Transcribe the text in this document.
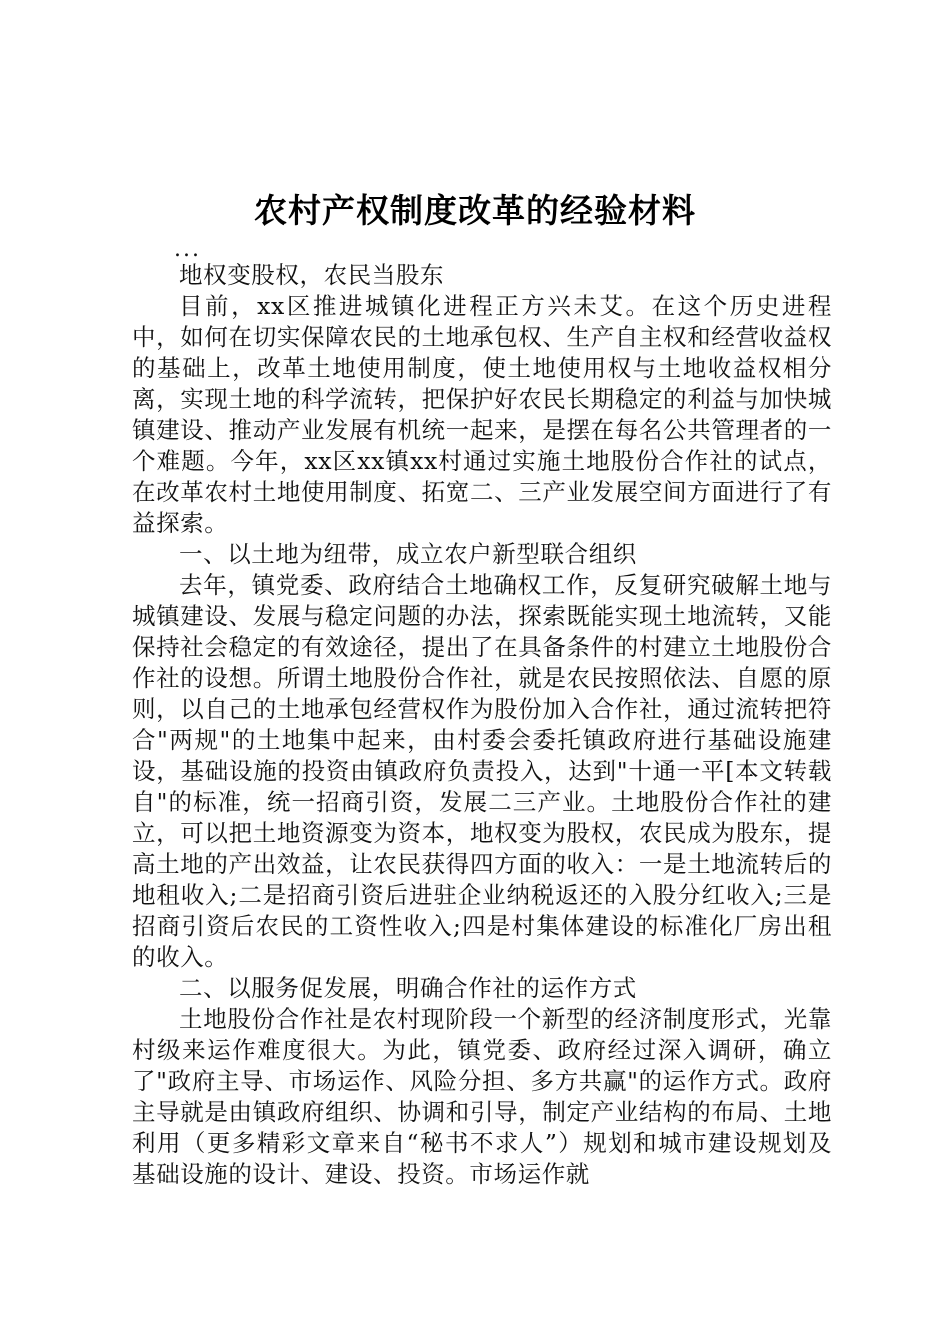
农村产权制度改革的经验材料
...

地权变股权，农民当股东

目前，xx区推进城镇化进程正方兴未艾。在这个历史进程中，如何在切实保障农民的土地承包权、生产自主权和经营收益权的基础上，改革土地使用制度，使土地使用权与土地收益权相分离，实现土地的科学流转，把保护好农民长期稳定的利益与加快城镇建设、推动产业发展有机统一起来，是摆在每名公共管理者的一个难题。今年，xx区xx镇xx村通过实施土地股份合作社的试点，在改革农村土地使用制度、拓宽二、三产业发展空间方面进行了有益探索。

一、以土地为纽带，成立农户新型联合组织

去年，镇党委、政府结合土地确权工作，反复研究破解土地与城镇建设、发展与稳定问题的办法，探索既能实现土地流转，又能保持社会稳定的有效途径，提出了在具备条件的村建立土地股份合作社的设想。所谓土地股份合作社，就是农民按照依法、自愿的原则，以自己的土地承包经营权作为股份加入合作社，通过流转把符合"两规"的土地集中起来，由村委会委托镇政府进行基础设施建设，基础设施的投资由镇政府负责投入，达到"十通一平[本文转载自"的标准，统一招商引资，发展二三产业。土地股份合作社的建立，可以把土地资源变为资本，地权变为股权，农民成为股东，提高土地的产出效益，让农民获得四方面的收入：一是土地流转后的地租收入;二是招商引资后进驻企业纳税返还的入股分红收入;三是招商引资后农民的工资性收入;四是村集体建设的标准化厂房出租的收入。

二、以服务促发展，明确合作社的运作方式

土地股份合作社是农村现阶段一个新型的经济制度形式，光靠村级来运作难度很大。为此，镇党委、政府经过深入调研，确立了"政府主导、市场运作、风险分担、多方共赢"的运作方式。政府主导就是由镇政府组织、协调和引导，制定产业结构的布局、土地利用（更多精彩文章来自“秘书不求人”）规划和城市建设规划及基础设施的设计、建设、投资。市场运作就
